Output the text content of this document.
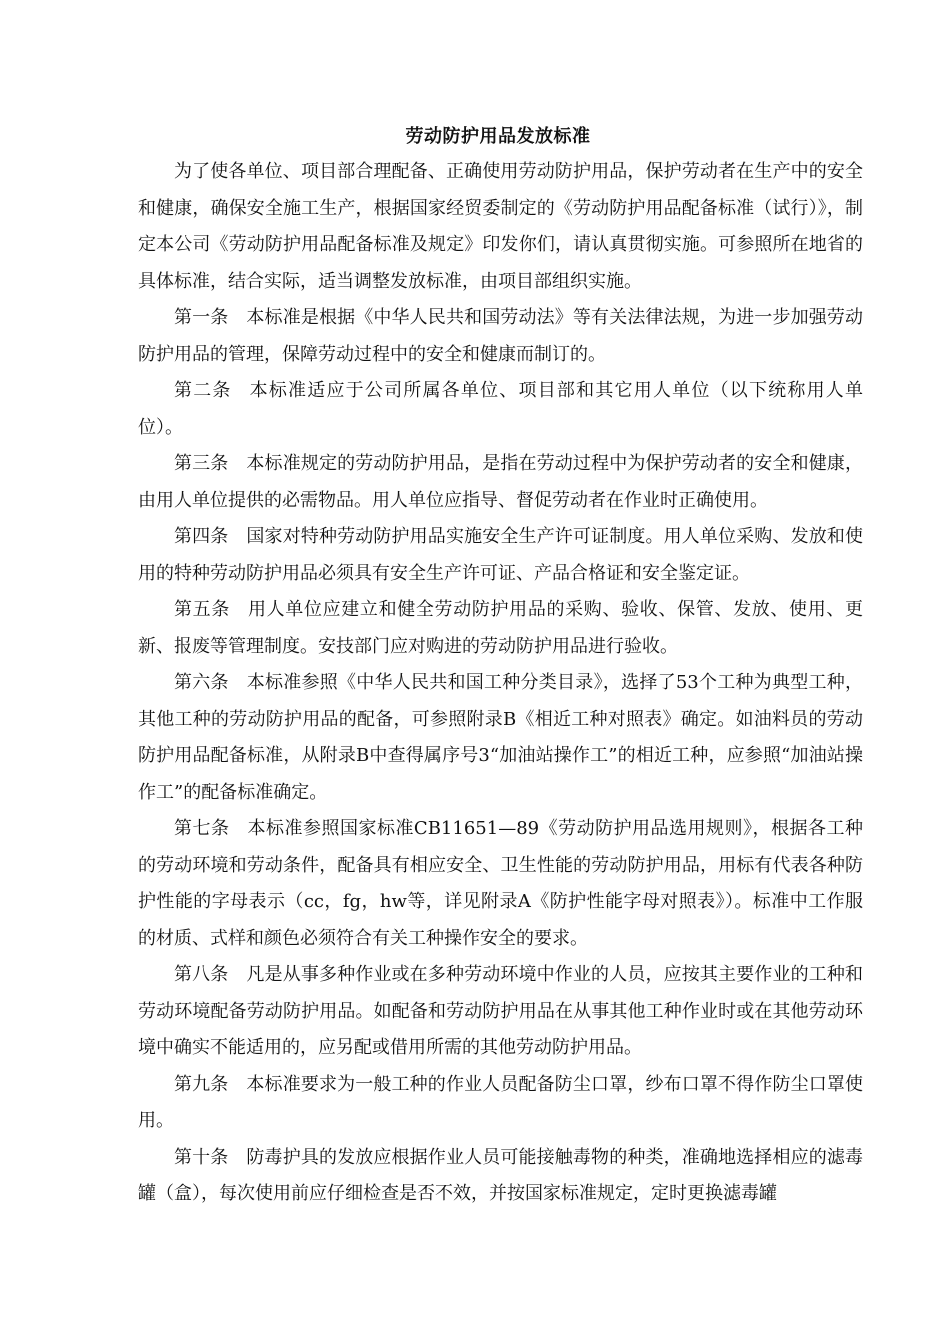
劳动防护用品发放标准

为了使各单位、项目部合理配备、正确使用劳动防护用品，保护劳动者在生产中的安全和健康，确保安全施工生产，根据国家经贸委制定的《劳动防护用品配备标准（试行）》，制定本公司《劳动防护用品配备标准及规定》印发你们，请认真贯彻实施。可参照所在地省的具体标准，结合实际，适当调整发放标准，由项目部组织实施。

第一条 本标准是根据《中华人民共和国劳动法》等有关法律法规，为进一步加强劳动防护用品的管理，保障劳动过程中的安全和健康而制订的。

第二条 本标准适应于公司所属各单位、项目部和其它用人单位（以下统称用人单位）。

第三条 本标准规定的劳动防护用品，是指在劳动过程中为保护劳动者的安全和健康，由用人单位提供的必需物品。用人单位应指导、督促劳动者在作业时正确使用。

第四条 国家对特种劳动防护用品实施安全生产许可证制度。用人单位采购、发放和使用的特种劳动防护用品必须具有安全生产许可证、产品合格证和安全鉴定证。

第五条 用人单位应建立和健全劳动防护用品的采购、验收、保管、发放、使用、更新、报废等管理制度。安技部门应对购进的劳动防护用品进行验收。

第六条 本标准参照《中华人民共和国工种分类目录》，选择了53个工种为典型工种，其他工种的劳动防护用品的配备，可参照附录B《相近工种对照表》确定。如油料员的劳动防护用品配备标准，从附录B中查得属序号3“加油站操作工”的相近工种，应参照“加油站操作工”的配备标准确定。

第七条 本标准参照国家标准CB11651—89《劳动防护用品选用规则》，根据各工种的劳动环境和劳动条件，配备具有相应安全、卫生性能的劳动防护用品，用标有代表各种防护性能的字母表示（cc，fg，hw等，详见附录A《防护性能字母对照表》）。标准中工作服的材质、式样和颜色必须符合有关工种操作安全的要求。

第八条 凡是从事多种作业或在多种劳动环境中作业的人员，应按其主要作业的工种和劳动环境配备劳动防护用品。如配备和劳动防护用品在从事其他工种作业时或在其他劳动环境中确实不能适用的，应另配或借用所需的其他劳动防护用品。

第九条 本标准要求为一般工种的作业人员配备防尘口罩，纱布口罩不得作防尘口罩使用。

第十条 防毒护具的发放应根据作业人员可能接触毒物的种类，准确地选择相应的滤毒罐（盒），每次使用前应仔细检查是否不效，并按国家标准规定，定时更换滤毒罐
